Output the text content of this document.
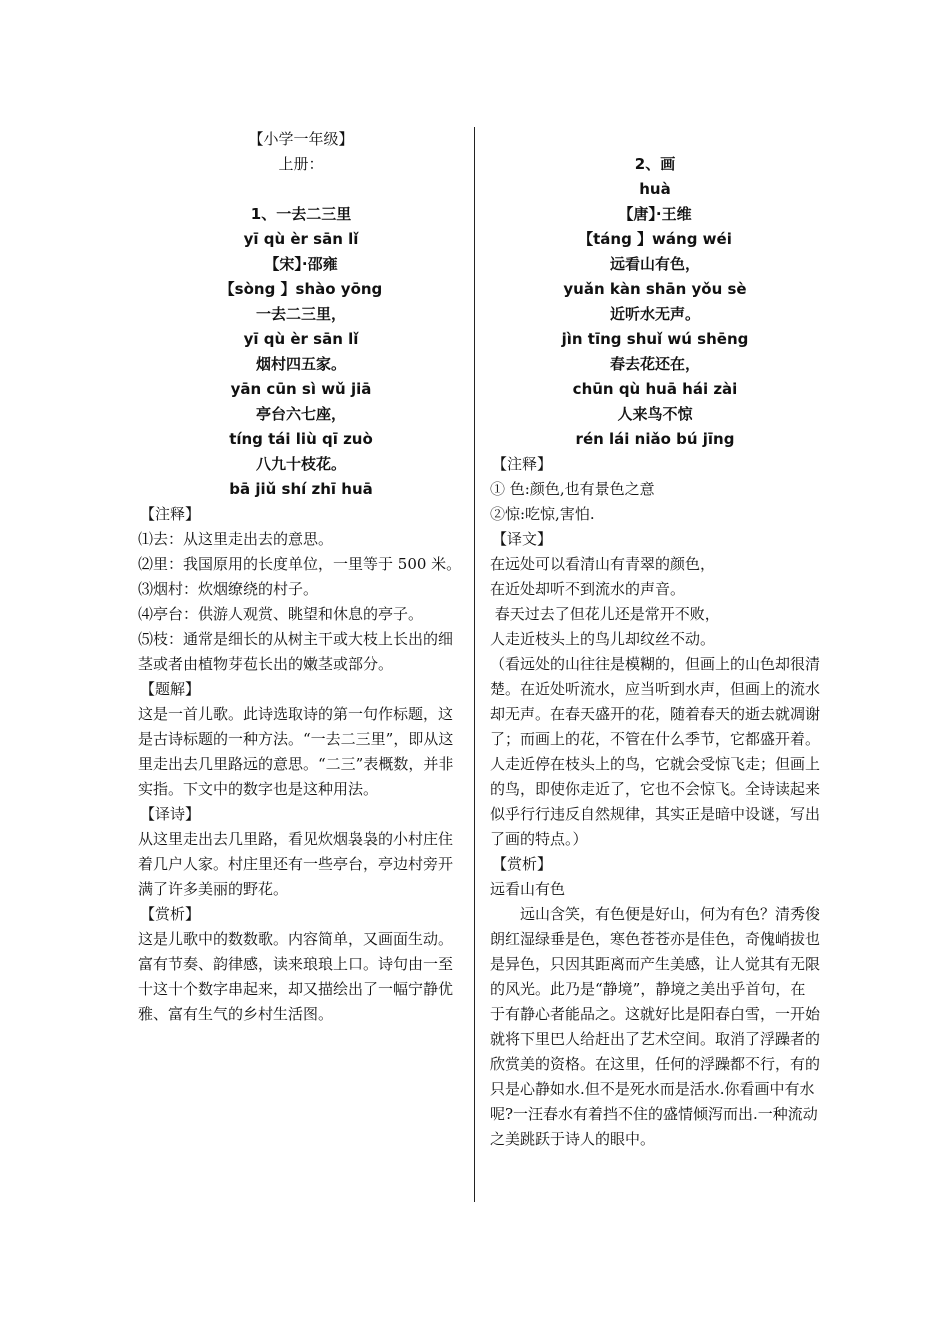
【小学一年级】
上册：
1、一去二三里
yī qù èr sān lǐ
【宋】·邵雍
【sòng 】shào yōng
一去二三里，
yī qù èr sān lǐ
烟村四五家。
yān cūn sì wǔ jiā
亭台六七座，
tíng tái liù qī zuò
八九十枝花。
bā jiǔ shí zhī huā
【注释】
⑴去：从这里走出去的意思。
⑵里：我国原用的长度单位，一里等于 500 米。
⑶烟村：炊烟缭绕的村子。
⑷亭台：供游人观赏、眺望和休息的亭子。
⑸枝：通常是细长的从树主干或大枝上长出的细茎或者由植物芽苞长出的嫩茎或部分。
【题解】
这是一首儿歌。此诗选取诗的第一句作标题，这是古诗标题的一种方法。“一去二三里”，即从这里走出去几里路远的意思。“二三”表概数，并非实指。下文中的数字也是这种用法。
【译诗】
从这里走出去几里路，看见炊烟袅袅的小村庄住着几户人家。村庄里还有一些亭台，亭边村旁开满了许多美丽的野花。
【赏析】
这是儿歌中的数数歌。内容简单，又画面生动。富有节奏、韵律感，读来琅琅上口。诗句由一至十这十个数字串起来，却又描绘出了一幅宁静优雅、富有生气的乡村生活图。
2、画
huà
【唐】·王维
【táng 】wáng wéi
远看山有色，
yuǎn kàn shān yǒu sè
近听水无声。
jìn tīng shuǐ wú shēng
春去花还在，
chūn qù huā hái zài
人来鸟不惊
rén lái niǎo bú jīng
【注释】
① 色:颜色,也有景色之意
②惊:吃惊,害怕.
【译文】
在远处可以看清山有青翠的颜色，
在近处却听不到流水的声音。
春天过去了但花儿还是常开不败，
人走近枝头上的鸟儿却纹丝不动。
（看远处的山往往是模糊的，但画上的山色却很清楚。在近处听流水，应当听到水声，但画上的流水却无声。在春天盛开的花，随着春天的逝去就凋谢了；而画上的花，不管在什么季节，它都盛开着。人走近停在枝头上的鸟，它就会受惊飞走；但画上的鸟，即使你走近了，它也不会惊飞。全诗读起来似乎行行违反自然规律，其实正是暗中设谜，写出了画的特点。）
【赏析】
远看山有色
远山含笑，有色便是好山，何为有色？清秀俊朗红湿绿垂是色，寒色苍苍亦是佳色，奇傀峭拔也是异色，只因其距离而产生美感，让人觉其有无限的风光。此乃是“静境”，静境之美出乎首句，在于有静心者能品之。这就好比是阳春白雪，一开始就将下里巴人给赶出了艺术空间。取消了浮躁者的欣赏美的资格。在这里，任何的浮躁都不行，有的只是心静如水.但不是死水而是活水.你看画中有水呢?一汪春水有着挡不住的盛情倾泻而出.一种流动之美跳跃于诗人的眼中。
